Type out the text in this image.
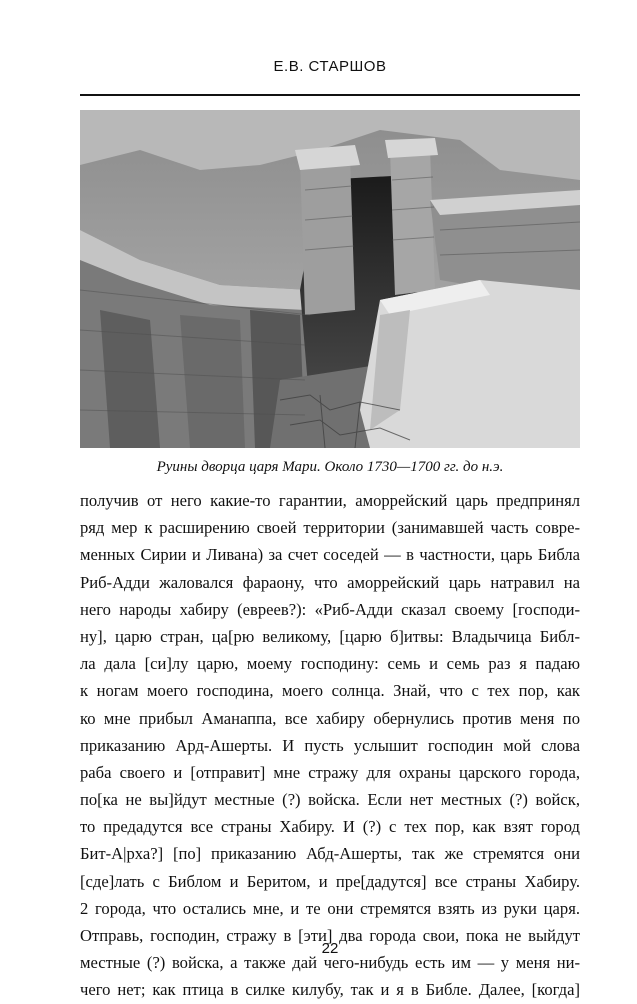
Е.В. СТАРШОВ
Руины дворца царя Мари. Около 1730—1700 гг. до н.э.
получив от него какие-то гарантии, аморрейский царь предпринял
ряд мер к расширению своей территории (занимавшей часть совре-
менных Сирии и Ливана) за счет соседей — в частности, царь Библа
Риб-Адди жаловался фараону, что аморрейский царь натравил на
него народы хабиру (евреев?): «Риб-Адди сказал своему [господи-
ну], царю стран, ца[рю великому, [царю б]итвы: Владычица Библ-
ла дала [си]лу царю, моему господину: семь и семь раз я падаю
к ногам моего господина, моего солнца. Знай, что с тех пор, как
ко мне прибыл Аманаппа, все хабиру обернулись против меня по
приказанию Ард-Ашерты. И пусть услышит господин мой слова
раба своего и [отправит] мне стражу для охраны царского города,
по[ка не вы]йдут местные (?) войска. Если нет местных (?) войск,
то предадутся все страны Хабиру. И (?) с тех пор, как взят город
Бит-А|рха?] [по] приказанию Абд-Ашерты, так же стремятся они
[сде]лать с Библом и Беритом, и пре[дадутся] все страны Хабиру.
2 города, что остались мне, и те они стремятся взять из руки царя.
Отправь, господин, стражу в [эти] два города свои, пока не выйдут
местные (?) войска, а также дай чего-нибудь есть им — у меня ни-
чего нет; как птица в силке килубу, так и я в Библе. Далее, [когда]
22
